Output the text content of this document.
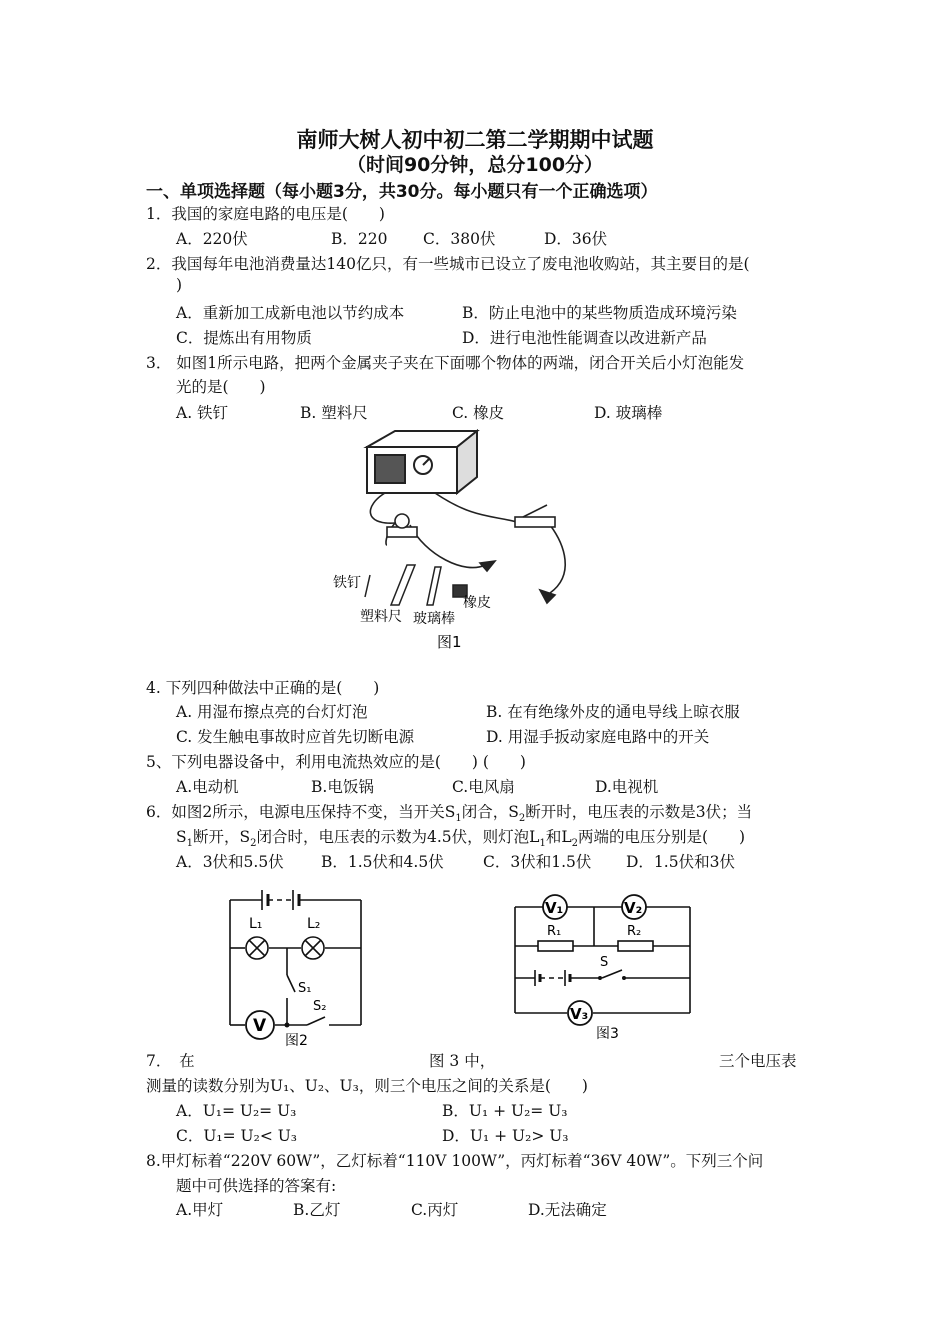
南师大树人初中初二第二学期期中试题
（时间90分钟，总分100分）
一、单项选择题（每小题3分，共30分。每小题只有一个正确选项）
1．我国的家庭电路的电压是(　　)
A．220伏	B．220 C．380伏	D．36伏
2．我国每年电池消费量达140亿只，有一些城市已设立了废电池收购站，其主要目的是(
)
A．重新加工成新电池以节约成本	B．防止电池中的某些物质造成环境污染
C．提炼出有用物质	D．进行电池性能调查以改进新产品
3． 如图1所示电路，把两个金属夹子夹在下面哪个物体的两端，闭合开关后小灯泡能发
光的是(　　)
A. 铁钉	B. 塑料尺	C. 橡皮	D. 玻璃棒
铁钉
塑料尺 玻璃棒
橡皮
图1
4. 下列四种做法中正确的是(　　)
A. 用湿布擦点亮的台灯灯泡	B. 在有绝缘外皮的通电导线上晾衣服
C. 发生触电事故时应首先切断电源	D. 用湿手扳动家庭电路中的开关
5、下列电器设备中，利用电流热效应的是(　　) (　　)
A.电动机	B.电饭锅	C.电风扇	D.电视机
6．如图2所示，电源电压保持不变，当开关$S_1$闭合，$S_2$断开时，电压表的示数是3伏；当
$S_1$断开，$S_2$闭合时，电压表的示数为4.5伏，则灯泡$L_1$和$L_2$两端的电压分别是(　　)
A．3伏和5.5伏 B．1.5伏和4.5伏	C．3伏和1.5伏 D．1.5伏和3伏
L₁	L₂
S₁
S₂
V
图2
V₁	V₂
V₃
R₁	R₂
S
图3
7．　在	图 3 中，	三个电压表
测量的读数分别为U₁、U₂、U₃，则三个电压之间的关系是(　　)
A．U₁= U₂= U₃	B．U₁ + U₂= U₃
C．U₁= U₂< U₃	D．U₁ + U₂> U₃
8.甲灯标着“220V 60W”，乙灯标着“110V 100W”，丙灯标着“36V 40W”。下列三个问
题中可供选择的答案有:
A.甲灯	B.乙灯	C.丙灯	D.无法确定
